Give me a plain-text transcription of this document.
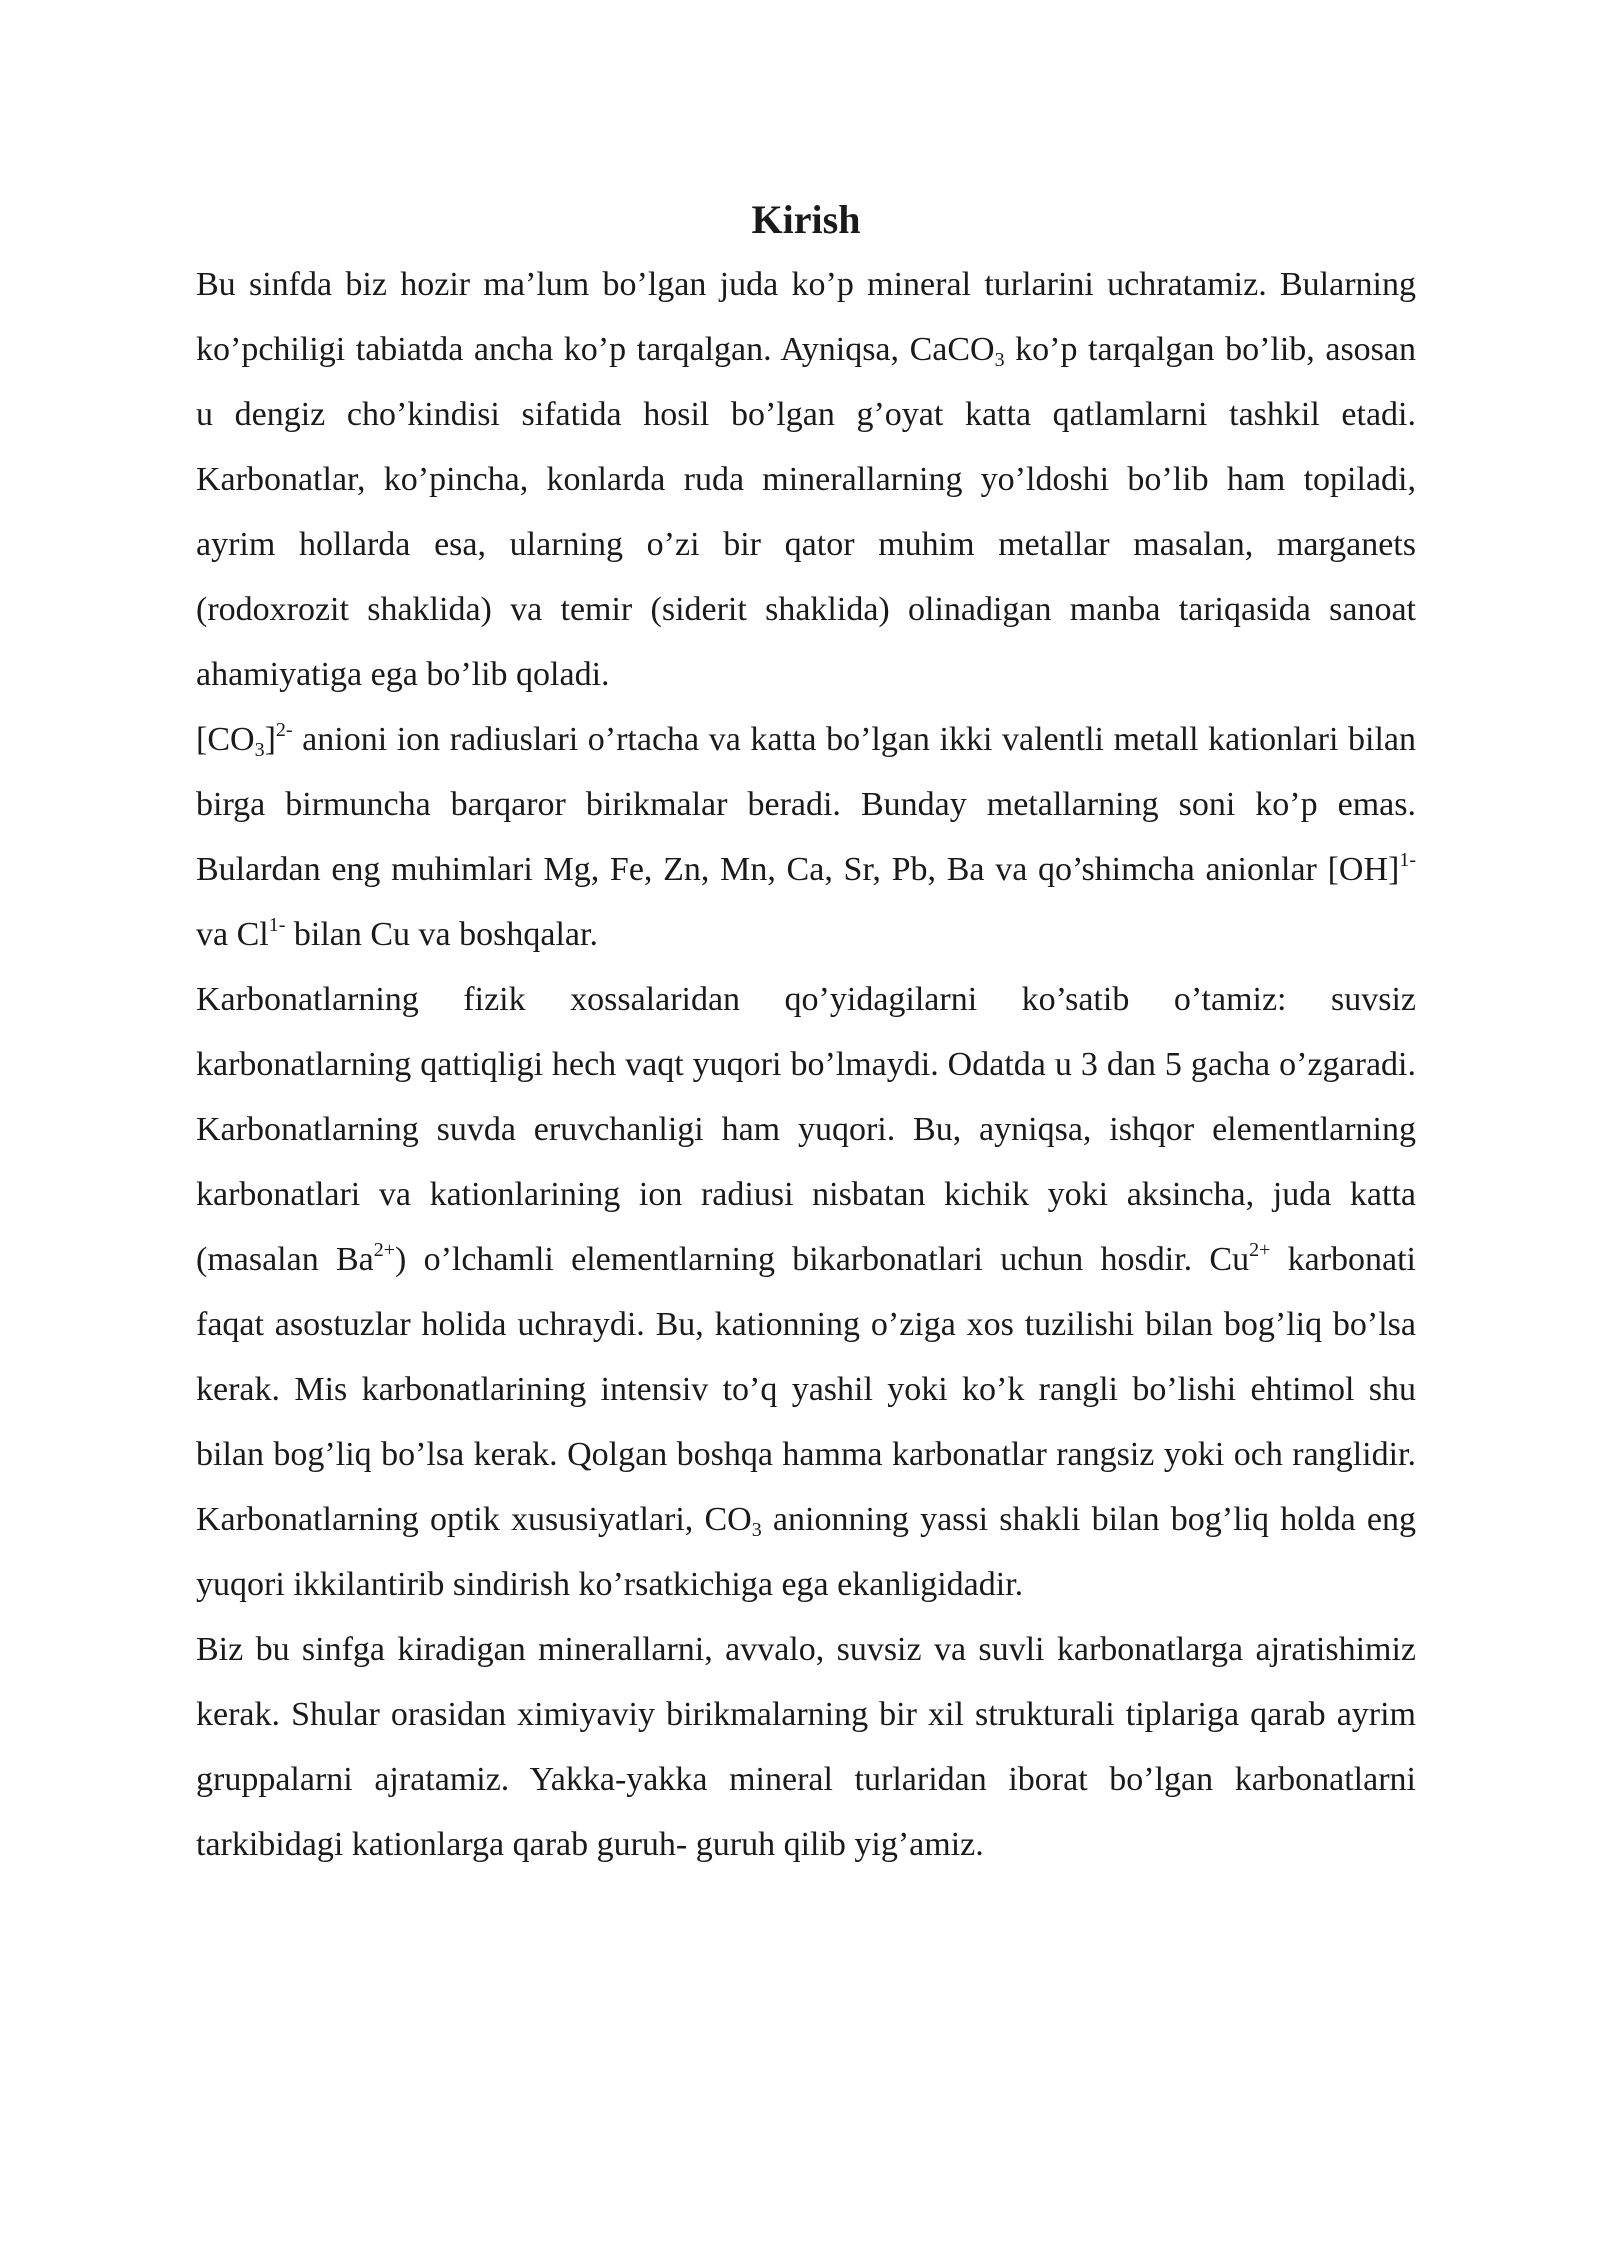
Kirish

Bu sinfda biz hozir ma’lum bo’lgan juda ko’p mineral turlarini uchratamiz. Bularning ko’pchiligi tabiatda ancha ko’p tarqalgan. Ayniqsa, CaCO$_3$ ko’p tarqalgan bo’lib, asosan u dengiz cho’kindisi sifatida hosil bo’lgan g’oyat katta qatlamlarni tashkil etadi. Karbonatlar, ko’pincha, konlarda ruda minerallarning yo’ldoshi bo’lib ham topiladi, ayrim hollarda esa, ularning o’zi bir qator muhim metallar masalan, marganets (rodoxrozit shaklida) va temir (siderit shaklida) olinadigan manba tariqasida sanoat ahamiyatiga ega bo’lib qoladi.

$[CO_3]^{2-}$ anioni ion radiuslari o’rtacha va katta bo’lgan ikki valentli metall kationlari bilan birga birmuncha barqaror birikmalar beradi. Bunday metallarning soni ko’p emas. Bulardan eng muhimlari Mg, Fe, Zn, Mn, Ca, Sr, Pb, Ba va qo’shimcha anionlar [OH]$^{1-}$ va $Cl^{1-}$ bilan Cu va boshqalar.

Karbonatlarning fizik xossalaridan qo’yidagilarni ko’satib o’tamiz: suvsiz karbonatlarning qattiqligi hech vaqt yuqori bo’lmaydi. Odatda u 3 dan 5 gacha o’zgaradi. Karbonatlarning suvda eruvchanligi ham yuqori. Bu, ayniqsa, ishqor elementlarning karbonatlari va kationlarining ion radiusi nisbatan kichik yoki aksincha, juda katta (masalan $Ba^{2+}$) o’lchamli elementlarning bikarbonatlari uchun hosdir. $Cu^{2+}$ karbonati faqat asostuzlar holida uchraydi. Bu, kationning o’ziga xos tuzilishi bilan bog’liq bo’lsa kerak. Mis karbonatlarining intensiv to’q yashil yoki ko’k rangli bo’lishi ehtimol shu bilan bog’liq bo’lsa kerak. Qolgan boshqa hamma karbonatlar rangsiz yoki och ranglidir. Karbonatlarning optik xususiyatlari, $CO_3$ anionning yassi shakli bilan bog’liq holda eng yuqori ikkilantirib sindirish ko’rsatkichiga ega ekanligidadir.

Biz bu sinfga kiradigan minerallarni, avvalo, suvsiz va suvli karbonatlarga ajratishimiz kerak. Shular orasidan ximiyaviy birikmalarning bir xil strukturali tiplariga qarab ayrim gruppalarni ajratamiz. Yakka-yakka mineral turlaridan iborat bo’lgan karbonatlarni tarkibidagi kationlarga qarab guruh- guruh qilib yig’amiz.
